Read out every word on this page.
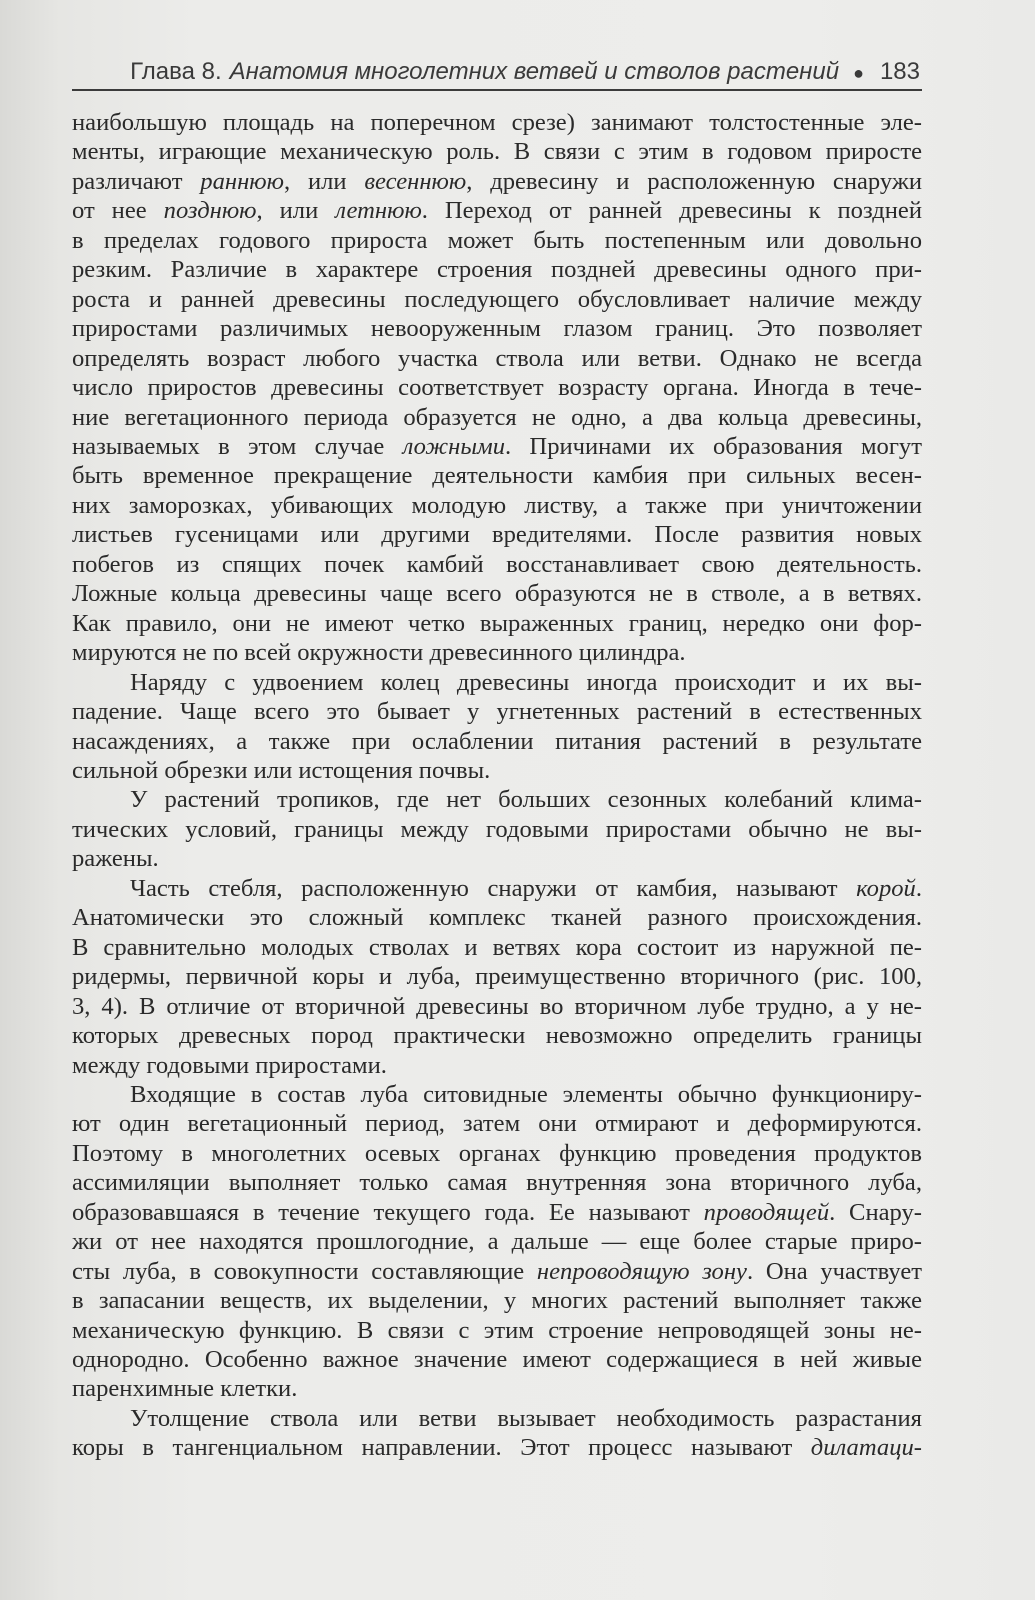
Глава 8. Анатомия многолетних ветвей и стволов растений ● 183

наибольшую площадь на поперечном срезе) занимают толстостенные эле-
менты, играющие механическую роль. В связи с этим в годовом приросте
различают раннюю, или весеннюю, древесину и расположенную снаружи
от нее позднюю, или летнюю. Переход от ранней древесины к поздней
в пределах годового прироста может быть постепенным или довольно
резким. Различие в характере строения поздней древесины одного при-
роста и ранней древесины последующего обусловливает наличие между
приростами различимых невооруженным глазом границ. Это позволяет
определять возраст любого участка ствола или ветви. Однако не всегда
число приростов древесины соответствует возрасту органа. Иногда в тече-
ние вегетационного периода образуется не одно, а два кольца древесины,
называемых в этом случае ложными. Причинами их образования могут
быть временное прекращение деятельности камбия при сильных весен-
них заморозках, убивающих молодую листву, а также при уничтожении
листьев гусеницами или другими вредителями. После развития новых
побегов из спящих почек камбий восстанавливает свою деятельность.
Ложные кольца древесины чаще всего образуются не в стволе, а в ветвях.
Как правило, они не имеют четко выраженных границ, нередко они фор-
мируются не по всей окружности древесинного цилиндра.

Наряду с удвоением колец древесины иногда происходит и их вы-
падение. Чаще всего это бывает у угнетенных растений в естественных
насаждениях, а также при ослаблении питания растений в результате
сильной обрезки или истощения почвы.

У растений тропиков, где нет больших сезонных колебаний клима-
тических условий, границы между годовыми приростами обычно не вы-
ражены.

Часть стебля, расположенную снаружи от камбия, называют корой.
Анатомически это сложный комплекс тканей разного происхождения.
В сравнительно молодых стволах и ветвях кора состоит из наружной пе-
ридермы, первичной коры и луба, преимущественно вторичного (рис. 100,
3, 4). В отличие от вторичной древесины во вторичном лубе трудно, а у не-
которых древесных пород практически невозможно определить границы
между годовыми приростами.

Входящие в состав луба ситовидные элементы обычно функциониру-
ют один вегетационный период, затем они отмирают и деформируются.
Поэтому в многолетних осевых органах функцию проведения продуктов
ассимиляции выполняет только самая внутренняя зона вторичного луба,
образовавшаяся в течение текущего года. Ее называют проводящей. Снару-
жи от нее находятся прошлогодние, а дальше — еще более старые приро-
сты луба, в совокупности составляющие непроводящую зону. Она участвует
в запасании веществ, их выделении, у многих растений выполняет также
механическую функцию. В связи с этим строение непроводящей зоны не-
однородно. Особенно важное значение имеют содержащиеся в ней живые
паренхимные клетки.

Утолщение ствола или ветви вызывает необходимость разрастания
коры в тангенциальном направлении. Этот процесс называют дилатаци-
